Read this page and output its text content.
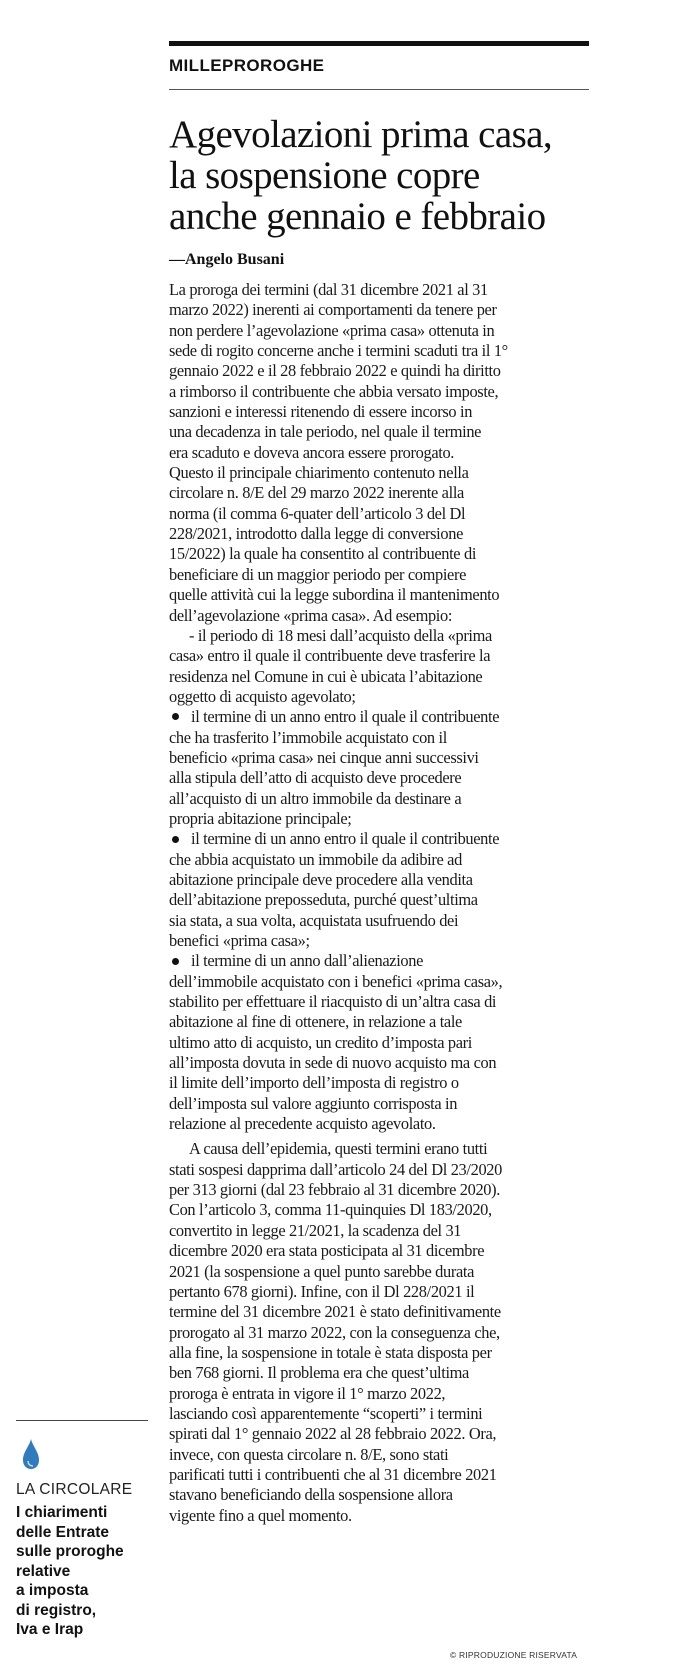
MILLEPROROGHE
Agevolazioni prima casa,
la sospensione copre
anche gennaio e febbraio
—Angelo Busani
La proroga dei termini (dal 31 dicembre 2021 al 31
marzo 2022) inerenti ai comportamenti da tenere per
non perdere l’agevolazione «prima casa» ottenuta in
sede di rogito concerne anche i termini scaduti tra il 1°
gennaio 2022 e il 28 febbraio 2022 e quindi ha diritto
a rimborso il contribuente che abbia versato imposte,
sanzioni e interessi ritenendo di essere incorso in
una decadenza in tale periodo, nel quale il termine
era scaduto e doveva ancora essere prorogato.
Questo il principale chiarimento contenuto nella
circolare n. 8/E del 29 marzo 2022 inerente alla
norma (il comma 6-quater dell’articolo 3 del Dl
228/2021, introdotto dalla legge di conversione
15/2022) la quale ha consentito al contribuente di
beneficiare di un maggior periodo per compiere
quelle attività cui la legge subordina il mantenimento
dell’agevolazione «prima casa». Ad esempio:
- il periodo di 18 mesi dall’acquisto della «prima
casa» entro il quale il contribuente deve trasferire la
residenza nel Comune in cui è ubicata l’abitazione
oggetto di acquisto agevolato;
il termine di un anno entro il quale il contribuente
che ha trasferito l’immobile acquistato con il
beneficio «prima casa» nei cinque anni successivi
alla stipula dell’atto di acquisto deve procedere
all’acquisto di un altro immobile da destinare a
propria abitazione principale;
il termine di un anno entro il quale il contribuente
che abbia acquistato un immobile da adibire ad
abitazione principale deve procedere alla vendita
dell’abitazione preposseduta, purché quest’ultima
sia stata, a sua volta, acquistata usufruendo dei
benefici «prima casa»;
il termine di un anno dall’alienazione
dell’immobile acquistato con i benefici «prima casa»,
stabilito per effettuare il riacquisto di un’altra casa di
abitazione al fine di ottenere, in relazione a tale
ultimo atto di acquisto, un credito d’imposta pari
all’imposta dovuta in sede di nuovo acquisto ma con
il limite dell’importo dell’imposta di registro o
dell’imposta sul valore aggiunto corrisposta in
relazione al precedente acquisto agevolato.
A causa dell’epidemia, questi termini erano tutti
stati sospesi dapprima dall’articolo 24 del Dl 23/2020
per 313 giorni (dal 23 febbraio al 31 dicembre 2020).
Con l’articolo 3, comma 11-quinquies Dl 183/2020,
convertito in legge 21/2021, la scadenza del 31
dicembre 2020 era stata posticipata al 31 dicembre
2021 (la sospensione a quel punto sarebbe durata
pertanto 678 giorni). Infine, con il Dl 228/2021 il
termine del 31 dicembre 2021 è stato definitivamente
prorogato al 31 marzo 2022, con la conseguenza che,
alla fine, la sospensione in totale è stata disposta per
ben 768 giorni. Il problema era che quest’ultima
proroga è entrata in vigore il 1° marzo 2022,
lasciando così apparentemente “scoperti” i termini
spirati dal 1° gennaio 2022 al 28 febbraio 2022. Ora,
invece, con questa circolare n. 8/E, sono stati
parificati tutti i contribuenti che al 31 dicembre 2021
stavano beneficiando della sospensione allora
vigente fino a quel momento.
LA CIRCOLARE
I chiarimenti
delle Entrate
sulle proroghe
relative
a imposta
di registro,
Iva e Irap
© RIPRODUZIONE RISERVATA
